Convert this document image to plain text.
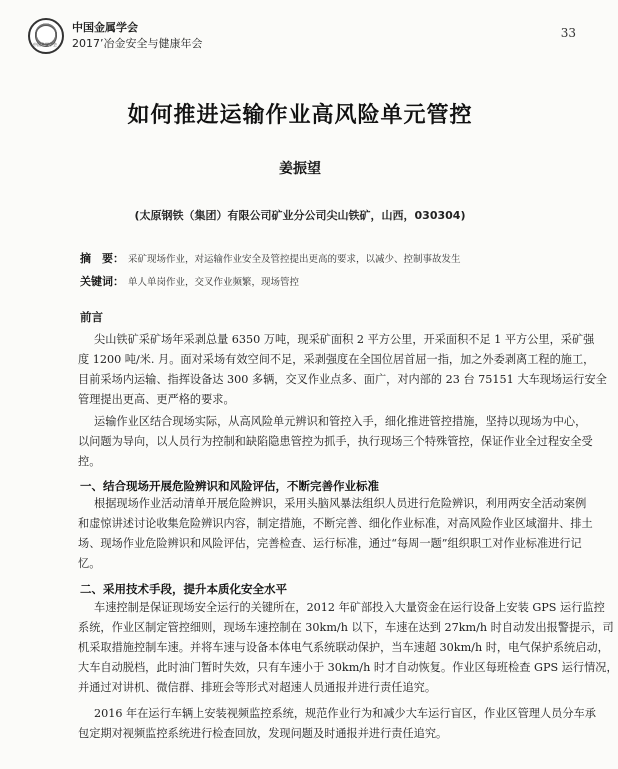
中国金属学会
中国金属学会
2017’冶金安全与健康年会
33
如何推进运输作业高风险单元管控
姜振望
(太原钢铁（集团）有限公司矿业分公司尖山铁矿，山西，030304)
摘　要： 采矿现场作业，对运输作业安全及管控提出更高的要求，以减少、控制事故发生
关键词： 单人单岗作业，交叉作业频繁，现场管控
前言
尖山铁矿采矿场年采剥总量 6350 万吨，现采矿面积 2 平方公里，开采面积不足 1 平方公里，采矿强
度 1200 吨/米. 月。面对采场有效空间不足，采剥强度在全国位居首屈一指，加之外委剥离工程的施工，
目前采场内运输、指挥设备达 300 多辆，交叉作业点多、面广，对内部的 23 台 75151 大车现场运行安全
管理提出更高、更严格的要求。
运输作业区结合现场实际，从高风险单元辨识和管控入手，细化推进管控措施，坚持以现场为中心，
以问题为导向，以人员行为控制和缺陷隐患管控为抓手，执行现场三个特殊管控，保证作业全过程安全受
控。
一、结合现场开展危险辨识和风险评估，不断完善作业标准
根据现场作业活动清单开展危险辨识，采用头脑风暴法组织人员进行危险辨识，利用两安全活动案例
和虚惊讲述讨论收集危险辨识内容，制定措施，不断完善、细化作业标准，对高风险作业区域溜井、排土
场、现场作业危险辨识和风险评估，完善检查、运行标准，通过“每周一题”组织职工对作业标准进行记
忆。
二、采用技术手段，提升本质化安全水平
车速控制是保证现场安全运行的关键所在，2012 年矿部投入大量资金在运行设备上安装 GPS 运行监控
系统，作业区制定管控细则，现场车速控制在 30km/h 以下，车速在达到 27km/h 时自动发出报警提示，司
机采取措施控制车速。并将车速与设备本体电气系统联动保护，当车速超 30km/h 时，电气保护系统启动，
大车自动脱档，此时油门暂时失效，只有车速小于 30km/h 时才自动恢复。作业区每班检查 GPS 运行情况，
并通过对讲机、微信群、排班会等形式对超速人员通报并进行责任追究。
2016 年在运行车辆上安装视频监控系统，规范作业行为和减少大车运行盲区，作业区管理人员分车承
包定期对视频监控系统进行检查回放，发现问题及时通报并进行责任追究。
